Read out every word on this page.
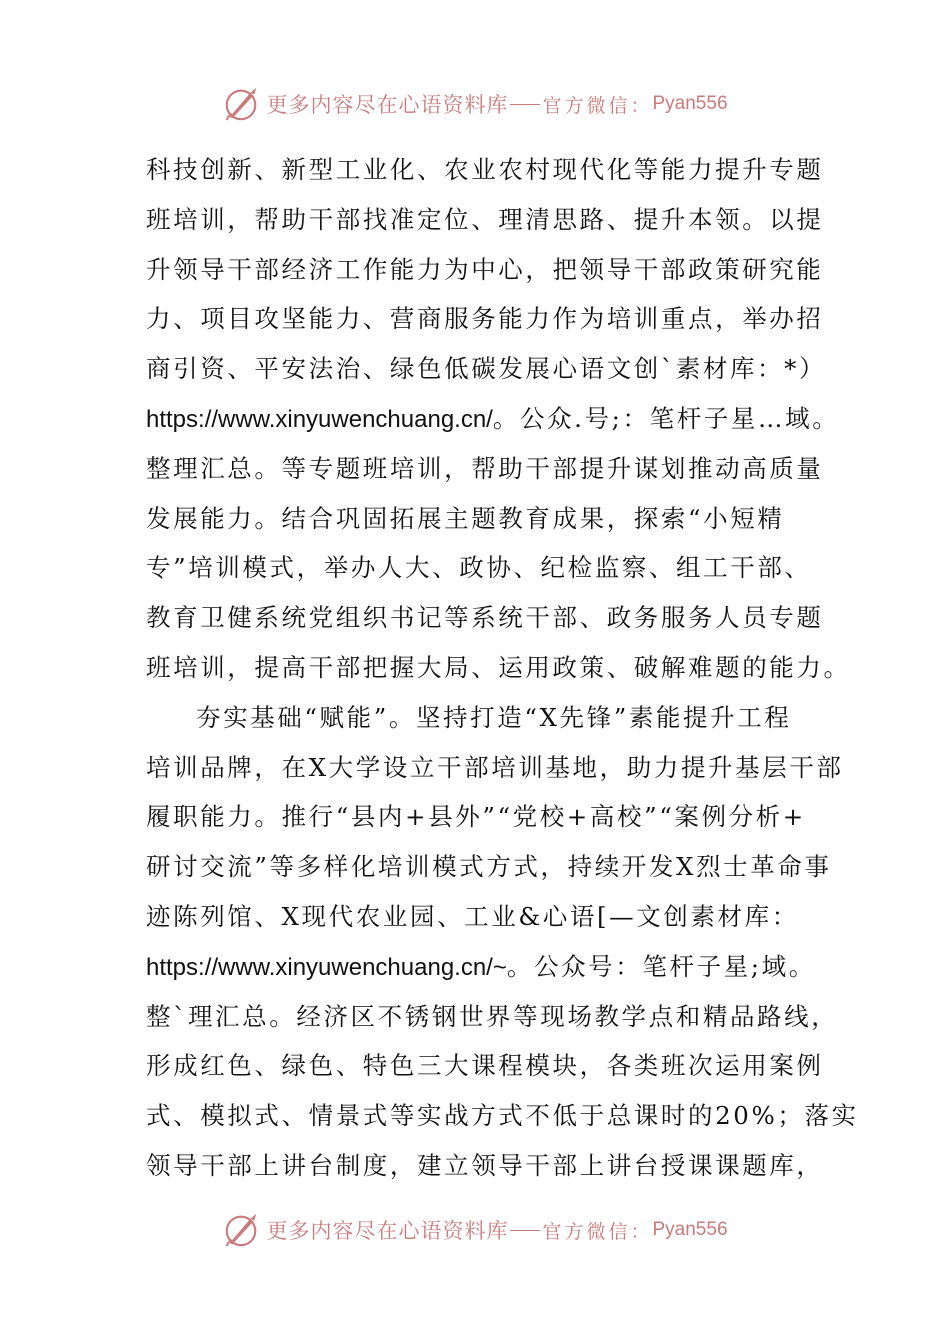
更多内容尽在心语资料库 官方微信： Pyan556
科技创新、新型工业化、农业农村现代化等能力提升专题
班培训，帮助干部找准定位、理清思路、提升本领。以提
升领导干部经济工作能力为中心，把领导干部政策研究能
力、项目攻坚能力、营商服务能力作为培训重点，举办招
商引资、平安法治、绿色低碳发展心语文创`素材库：*）
https://www.xinyuwenchuang.cn/。公众.号;：笔杆子星…域。
整理汇总。等专题班培训，帮助干部提升谋划推动高质量
发展能力。结合巩固拓展主题教育成果，探索“小短精
专”培训模式，举办人大、政协、纪检监察、组工干部、
教育卫健系统党组织书记等系统干部、政务服务人员专题
班培训，提高干部把握大局、运用政策、破解难题的能力。
夯实基础“赋能”。坚持打造“X先锋”素能提升工程
培训品牌，在X大学设立干部培训基地，助力提升基层干部
履职能力。推行“县内+县外”“党校+高校”“案例分析+
研讨交流”等多样化培训模式方式，持续开发X烈士革命事
迹陈列馆、X现代农业园、工业&心语[—文创素材库：
https://www.xinyuwenchuang.cn/~。公众号：笔杆子星;域。
整`理汇总。经济区不锈钢世界等现场教学点和精品路线，
形成红色、绿色、特色三大课程模块，各类班次运用案例
式、模拟式、情景式等实战方式不低于总课时的20%；落实
领导干部上讲台制度，建立领导干部上讲台授课课题库，
更多内容尽在心语资料库 官方微信： Pyan556
